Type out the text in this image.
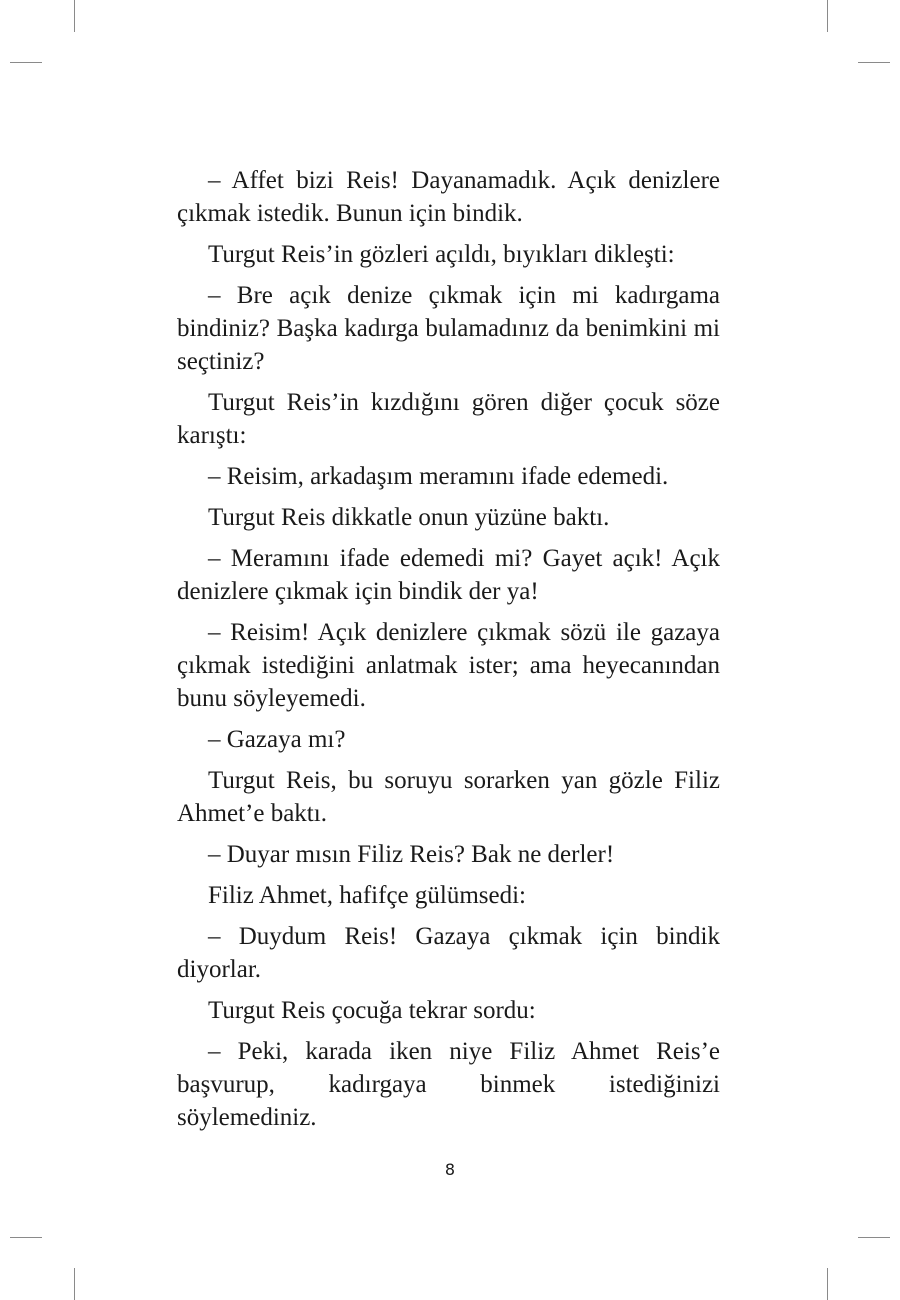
– Affet bizi Reis! Dayanamadık. Açık denizlere çıkmak istedik. Bunun için bindik.

Turgut Reis’in gözleri açıldı, bıyıkları dikleşti:

– Bre açık denize çıkmak için mi kadırgama bindiniz? Başka kadırga bulamadınız da benimkini mi seçtiniz?

Turgut Reis’in kızdığını gören diğer çocuk söze karıştı:

– Reisim, arkadaşım meramını ifade edemedi.

Turgut Reis dikkatle onun yüzüne baktı.

– Meramını ifade edemedi mi? Gayet açık! Açık denizlere çıkmak için bindik der ya!

– Reisim! Açık denizlere çıkmak sözü ile gazaya çıkmak istediğini anlatmak ister; ama heyecanından bunu söyleyemedi.

– Gazaya mı?

Turgut Reis, bu soruyu sorarken yan gözle Filiz Ahmet’e baktı.

– Duyar mısın Filiz Reis? Bak ne derler!

Filiz Ahmet, hafifçe gülümsedi:

– Duydum Reis! Gazaya çıkmak için bindik diyorlar.

Turgut Reis çocuğa tekrar sordu:

– Peki, karada iken niye Filiz Ahmet Reis’e başvurup, kadırgaya binmek istediğinizi söylemediniz.

8
